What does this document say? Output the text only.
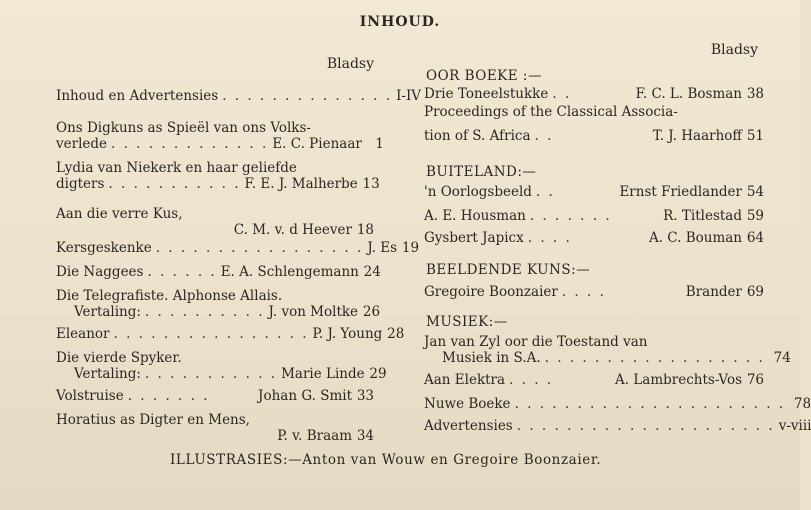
INHOUD.
Bladsy
Inhoud en Advertensies . . . . . . . . . . . . . . I-IV
Ons Digkuns as Spieël van ons Volks-
verlede . . . . . . . . . . . . . E. C. Pienaar 1
Lydia van Niekerk en haar geliefde
digters . . . . . . . . . . . F. E. J. Malherbe 13
Aan die verre Kus,
C. M. v. d Heever 18
Kersgeskenke . . . . . . . . . . . . . . . . . J. Es 19
Die Naggees . . . . . . E. A. Schlengemann 24
Die Telegrafiste. Alphonse Allais.
Vertaling: . . . . . . . . . . J. von Moltke 26
Eleanor . . . . . . . . . . . . . . . . P. J. Young 28
Die vierde Spyker.
Vertaling: . . . . . . . . . . . Marie Linde 29
Volstruise . . . . . . .	Johan G. Smit 33
Horatius as Digter en Mens,
P. v. Braam 34
Bladsy
OOR BOEKE :—
Drie Toneelstukke . .	F. C. L. Bosman 38
Proceedings of the Classical Associa-
tion of S. Africa . .	T. J. Haarhoff 51
BUITELAND:—
'n Oorlogsbeeld . .	Ernst Friedlander 54
A. E. Housman . . . . . . .	R. Titlestad 59
Gysbert Japicx . . . .	A. C. Bouman 64
BEELDENDE KUNS:—
Gregoire Boonzaier . . . .	Brander 69
MUSIEK:—
Jan van Zyl oor die Toestand van
Musiek in S.A. . . . . . . . . . . . . . . . . . . 74
Aan Elektra . . . .	A. Lambrechts-Vos 76
Nuwe Boeke . . . . . . . . . . . . . . . . . . . . . . 78
Advertensies . . . . . . . . . . . . . . . . . . . . . v-viii
ILLUSTRASIES:—Anton van Wouw en Gregoire Boonzaier.
